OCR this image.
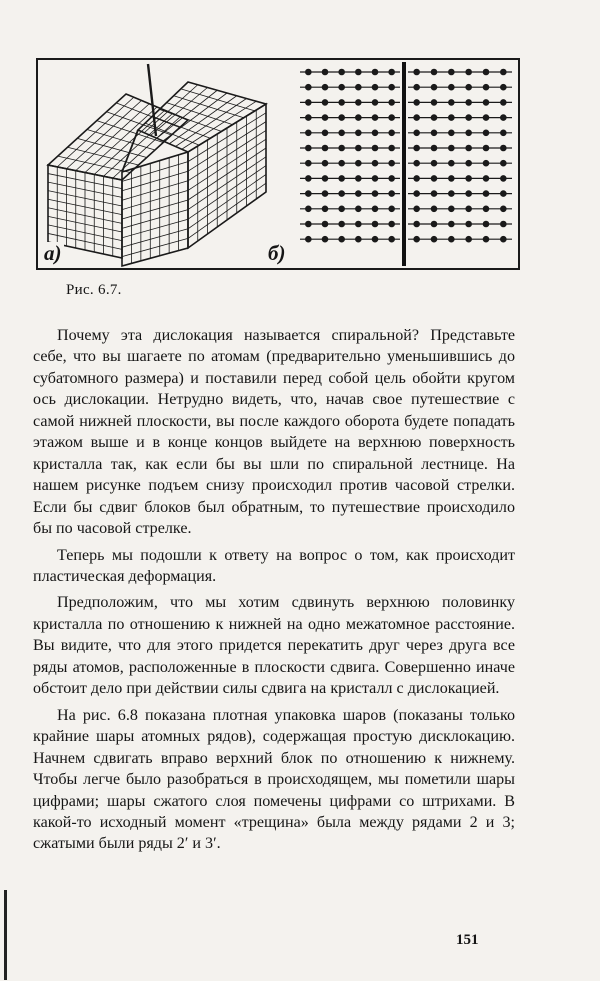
а)	б)
Рис. 6.7.

Почему эта дислокация называется спиральной? Представьте себе, что вы шагаете по атомам (предварительно уменьшившись до субатомного размера) и поставили перед собой цель обойти кругом ось дислокации. Нетрудно видеть, что, начав свое путешествие с самой нижней плоскости, вы после каждого оборота будете попадать этажом выше и в конце концов выйдете на верхнюю поверхность кристалла так, как если бы вы шли по спиральной лестнице. На нашем рисунке подъем снизу происходил против часовой стрелки. Если бы сдвиг блоков был обратным, то путешествие происходило бы по часовой стрелке.

Теперь мы подошли к ответу на вопрос о том, как происходит пластическая деформация.

Предположим, что мы хотим сдвинуть верхнюю половинку кристалла по отношению к нижней на одно межатомное расстояние. Вы видите, что для этого придется перекатить друг через друга все ряды атомов, расположенные в плоскости сдвига. Совершенно иначе обстоит дело при действии силы сдвига на кристалл с дислокацией.

На рис. 6.8 показана плотная упаковка шаров (показаны только крайние шары атомных рядов), содержащая простую дисклокацию. Начнем сдвигать вправо верхний блок по отношению к нижнему. Чтобы легче было разобраться в происходящем, мы пометили шары цифрами; шары сжатого слоя помечены цифрами со штрихами. В какой-то исходный момент «трещина» была между рядами 2 и 3; сжатыми были ряды 2′ и 3′.

151
